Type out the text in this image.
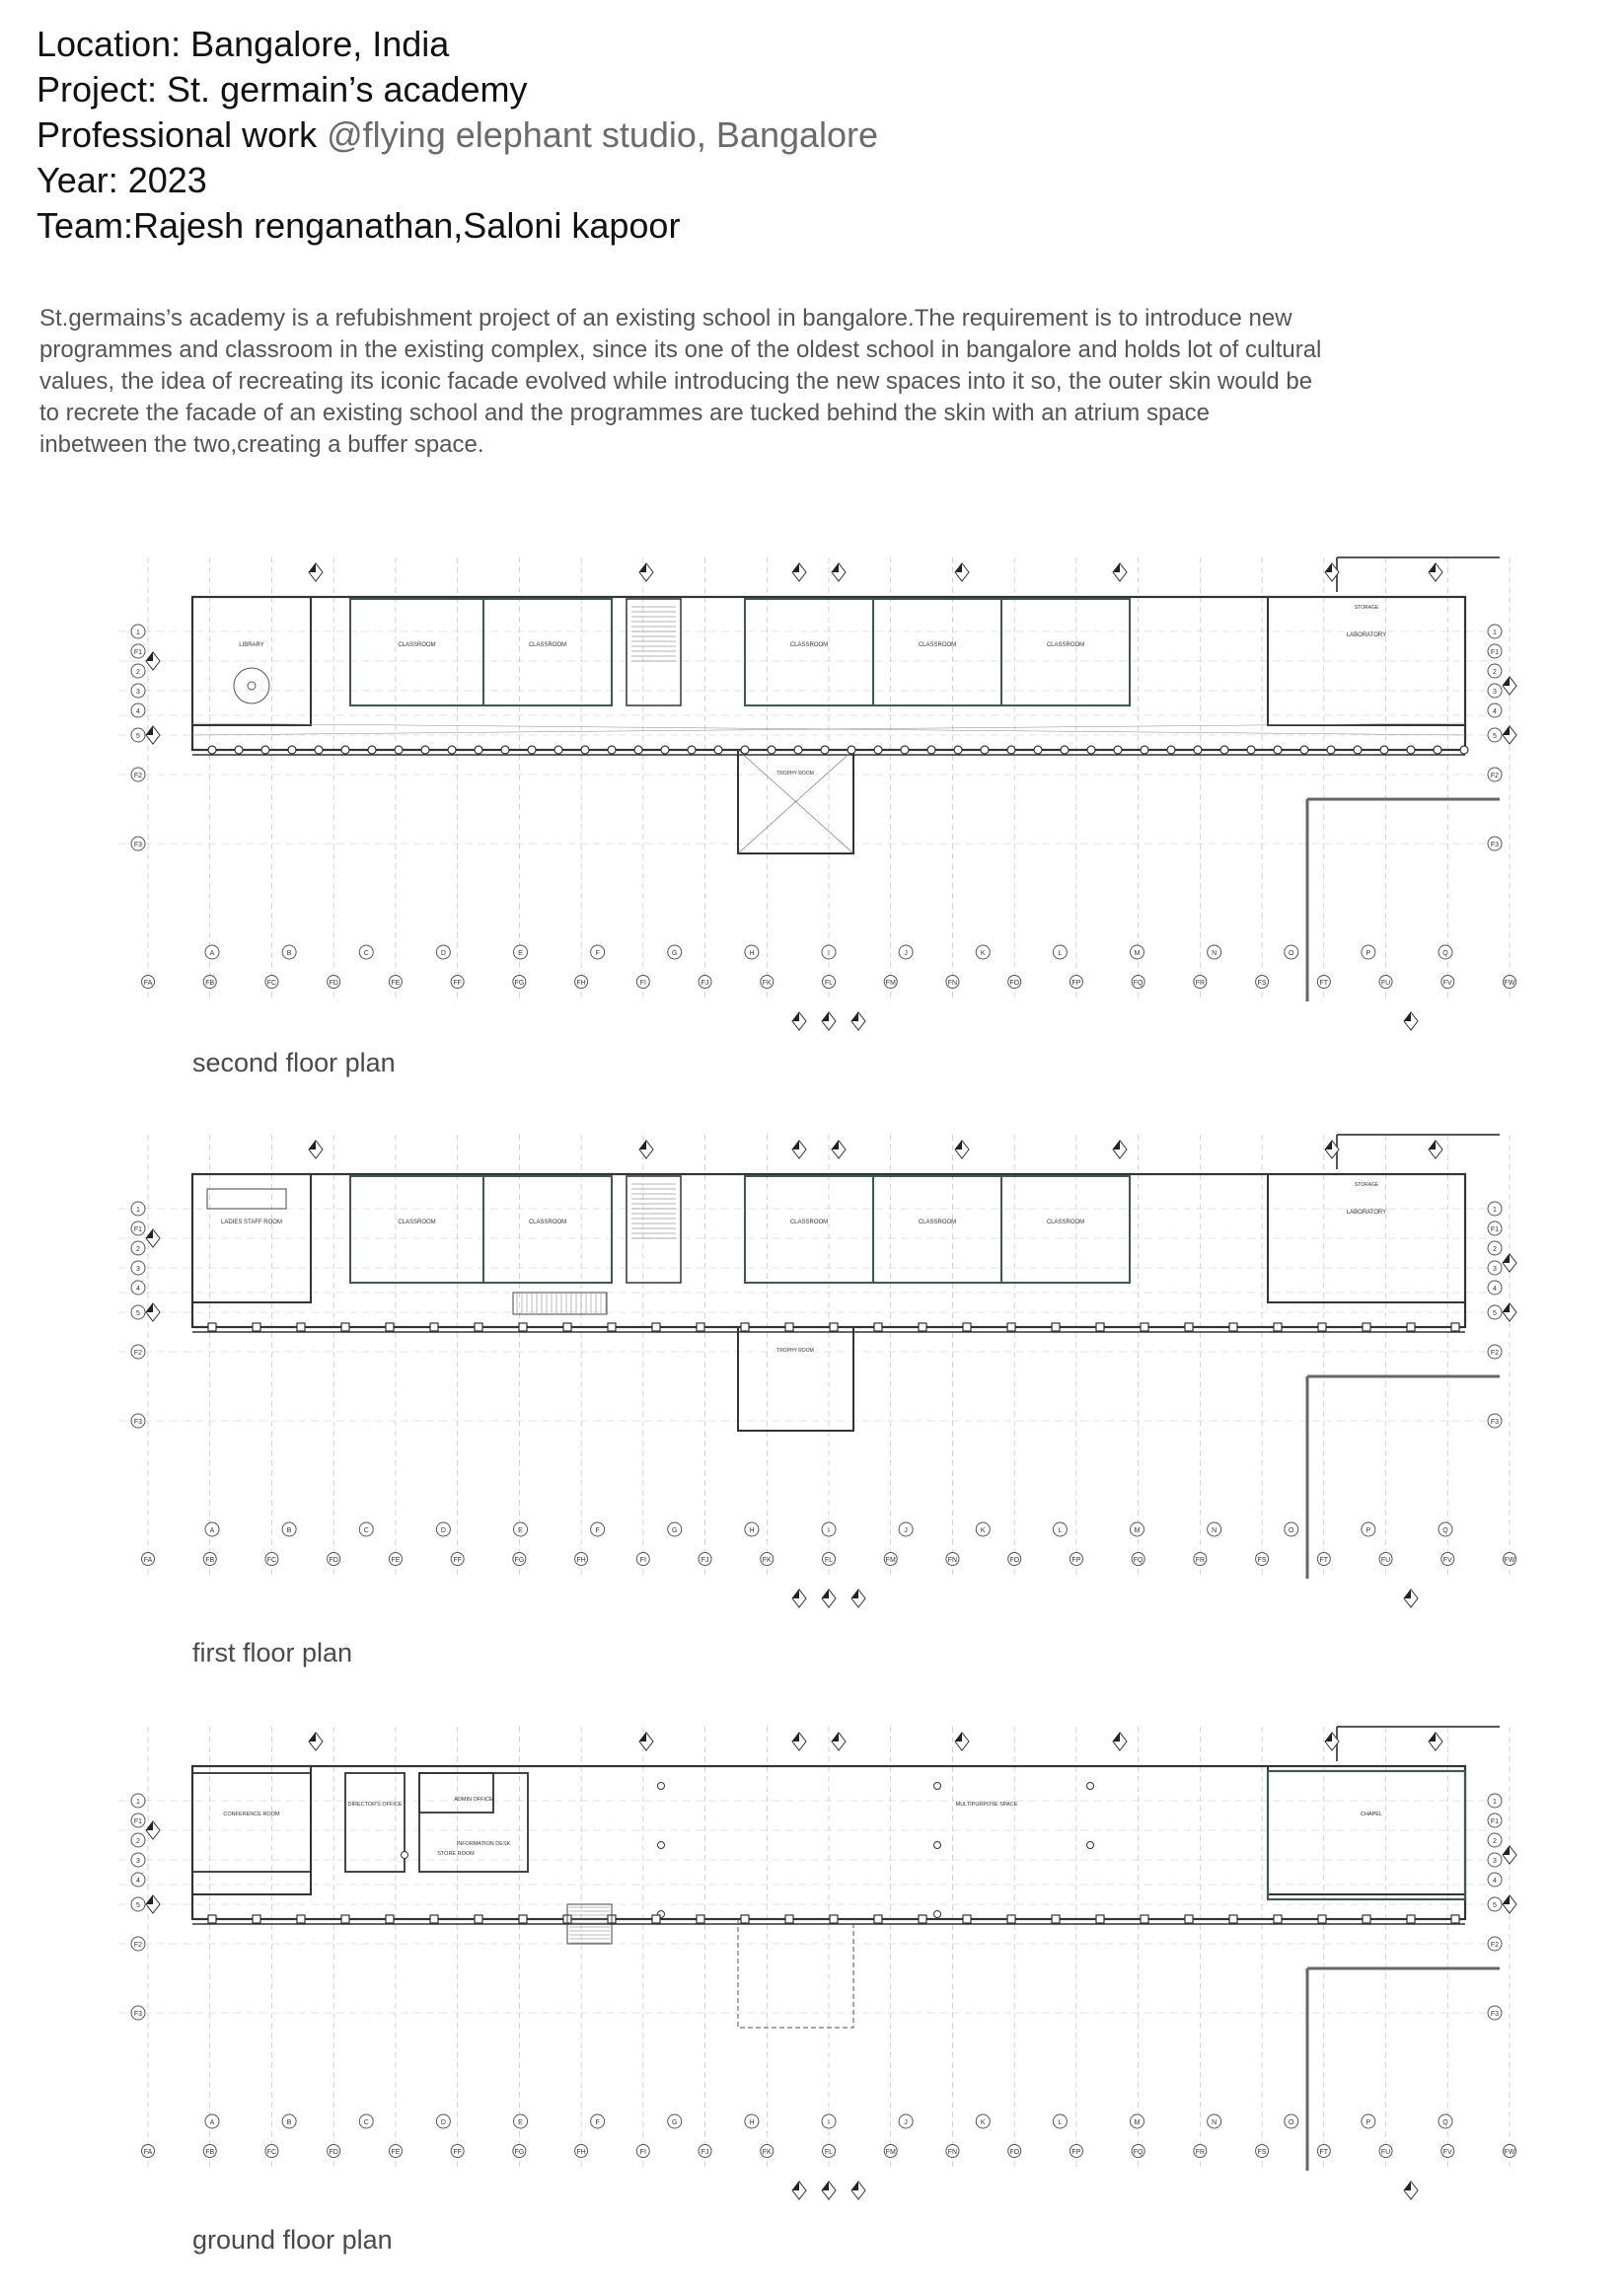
Location: Bangalore, India
Project: St. germain’s academy
Professional work @flying elephant studio, Bangalore
Year: 2023
Team:Rajesh renganathan,Saloni kapoor
St.germains’s academy is a refubishment project of an existing school in bangalore.The requirement is to introduce new programmes and classroom in the existing complex, since its one of the oldest school in bangalore and holds lot of cultural values, the idea of recreating its iconic facade evolved while introducing the new spaces into it so, the outer skin would be to recrete the facade of an existing school and the programmes are tucked behind the skin with an atrium space inbetween the two,creating a buffer space.
CLASSROOM	CLASSROOM	CLASSROOM	CLASSROOM	CLASSROOM
LIBRARY
LABORATORY
STORAGE
TROPHY ROOM
A	B	C	D	E	F	G	H	I	J	K	L	M	N	O	P	Q
FA	FB	FC	FD	FE	FF	FG	FH	FI	FJ	FK	FL	FM	FN	FO	FP	FQ	FR	FS	FT	FU	FV	FW
1	1
F1	F1
2	2
3	3
4	4
5	5
F2	F2
F3	F3
second floor plan
CLASSROOM	CLASSROOM	CLASSROOM	CLASSROOM	CLASSROOM
LADIES STAFF ROOM
LABORATORY
STORAGE
TROPHY ROOM
A	B	C	D	E	F	G	H	I	J	K	L	M	N	O	P	Q
FA	FB	FC	FD	FE	FF	FG	FH	FI	FJ	FK	FL	FM	FN	FO	FP	FQ	FR	FS	FT	FU	FV	FW
1	1
F1	F1
2	2
3	3
4	4
5	5
F2	F2
F3	F3
first floor plan
CONFERENCE ROOM
DIRECTOR'S OFFICE
ADMIN OFFICE
INFORMATION DESK
STORE ROOM
MULTIPURPOSE SPACE
CHAPEL
A	B	C	D	E	F	G	H	I	J	K	L	M	N	O	P	Q
FA	FB	FC	FD	FE	FF	FG	FH	FI	FJ	FK	FL	FM	FN	FO	FP	FQ	FR	FS	FT	FU	FV	FW
1	1
F1	F1
2	2
3	3
4	4
5	5
F2	F2
F3	F3
ground floor plan
